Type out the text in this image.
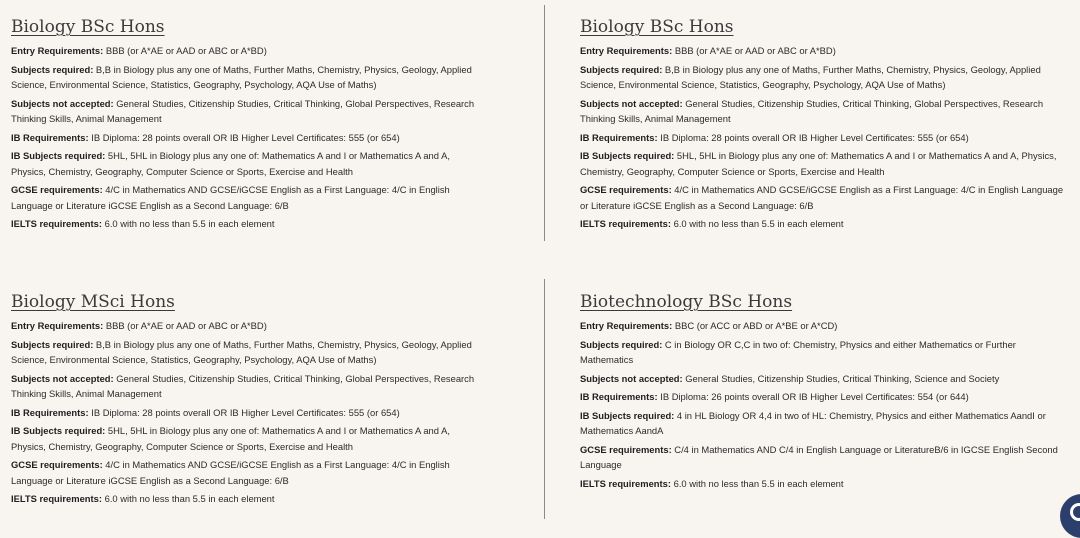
Biology BSc Hons
Entry Requirements: BBB (or A*AE or AAD or ABC or A*BD)
Subjects required: B,B in Biology plus any one of Maths, Further Maths, Chemistry, Physics, Geology, Applied Science, Environmental Science, Statistics, Geography, Psychology, AQA Use of Maths)
Subjects not accepted: General Studies, Citizenship Studies, Critical Thinking, Global Perspectives, Research Thinking Skills, Animal Management
IB Requirements: IB Diploma: 28 points overall OR IB Higher Level Certificates: 555 (or 654)
IB Subjects required: 5HL, 5HL in Biology plus any one of: Mathematics A and I or Mathematics A and A, Physics, Chemistry, Geography, Computer Science or Sports, Exercise and Health
GCSE requirements: 4/C in Mathematics AND GCSE/iGCSE English as a First Language: 4/C in English Language or Literature iGCSE English as a Second Language: 6/B
IELTS requirements: 6.0 with no less than 5.5 in each element
Biology BSc Hons
Entry Requirements: BBB (or A*AE or AAD or ABC or A*BD)
Subjects required: B,B in Biology plus any one of Maths, Further Maths, Chemistry, Physics, Geology, Applied Science, Environmental Science, Statistics, Geography, Psychology, AQA Use of Maths)
Subjects not accepted: General Studies, Citizenship Studies, Critical Thinking, Global Perspectives, Research Thinking Skills, Animal Management
IB Requirements: IB Diploma: 28 points overall OR IB Higher Level Certificates: 555 (or 654)
IB Subjects required: 5HL, 5HL in Biology plus any one of: Mathematics A and I or Mathematics A and A, Physics, Chemistry, Geography, Computer Science or Sports, Exercise and Health
GCSE requirements: 4/C in Mathematics AND GCSE/iGCSE English as a First Language: 4/C in English Language or Literature iGCSE English as a Second Language: 6/B
IELTS requirements: 6.0 with no less than 5.5 in each element
Biology MSci Hons
Entry Requirements: BBB (or A*AE or AAD or ABC or A*BD)
Subjects required: B,B in Biology plus any one of Maths, Further Maths, Chemistry, Physics, Geology, Applied Science, Environmental Science, Statistics, Geography, Psychology, AQA Use of Maths)
Subjects not accepted: General Studies, Citizenship Studies, Critical Thinking, Global Perspectives, Research Thinking Skills, Animal Management
IB Requirements: IB Diploma: 28 points overall OR IB Higher Level Certificates: 555 (or 654)
IB Subjects required: 5HL, 5HL in Biology plus any one of: Mathematics A and I or Mathematics A and A, Physics, Chemistry, Geography, Computer Science or Sports, Exercise and Health
GCSE requirements: 4/C in Mathematics AND GCSE/iGCSE English as a First Language: 4/C in English Language or Literature iGCSE English as a Second Language: 6/B
IELTS requirements: 6.0 with no less than 5.5 in each element
Biotechnology BSc Hons
Entry Requirements: BBC (or ACC or ABD or A*BE or A*CD)
Subjects required: C in Biology OR C,C in two of: Chemistry, Physics and either Mathematics or Further Mathematics
Subjects not accepted: General Studies, Citizenship Studies, Critical Thinking, Science and Society
IB Requirements: IB Diploma: 26 points overall OR IB Higher Level Certificates: 554 (or 644)
IB Subjects required: 4 in HL Biology OR 4,4 in two of HL: Chemistry, Physics and either Mathematics AandI or Mathematics AandA
GCSE requirements: C/4 in Mathematics AND C/4 in English Language or LiteratureB/6 in IGCSE English Second Language
IELTS requirements: 6.0 with no less than 5.5 in each element
